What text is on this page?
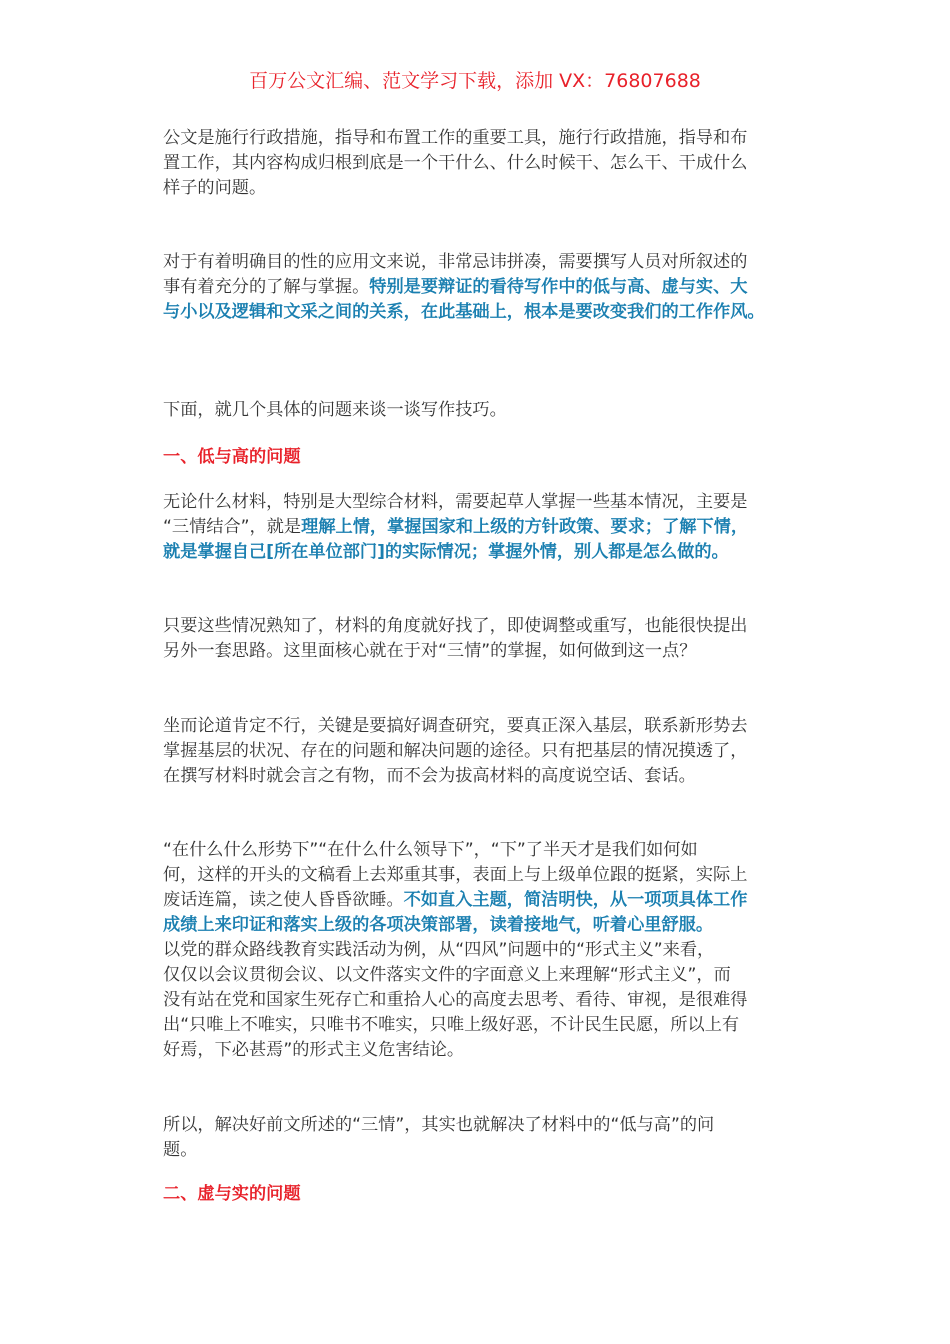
百万公文汇编、范文学习下载，添加 VX：76807688
公文是施行行政措施，指导和布置工作的重要工具，施行行政措施，指导和布
置工作，其内容构成归根到底是一个干什么、什么时候干、怎么干、干成什么
样子的问题。
对于有着明确目的性的应用文来说，非常忌讳拼凑，需要撰写人员对所叙述的
事有着充分的了解与掌握。特别是要辩证的看待写作中的低与高、虚与实、大
与小以及逻辑和文采之间的关系，在此基础上，根本是要改变我们的工作作风。
下面，就几个具体的问题来谈一谈写作技巧。
一、低与高的问题
无论什么材料，特别是大型综合材料，需要起草人掌握一些基本情况，主要是
“三情结合”，就是理解上情，掌握国家和上级的方针政策、要求；了解下情，
就是掌握自己[所在单位部门]的实际情况；掌握外情，别人都是怎么做的。
只要这些情况熟知了，材料的角度就好找了，即使调整或重写，也能很快提出
另外一套思路。这里面核心就在于对“三情”的掌握，如何做到这一点？
坐而论道肯定不行，关键是要搞好调查研究，要真正深入基层，联系新形势去
掌握基层的状况、存在的问题和解决问题的途径。只有把基层的情况摸透了，
在撰写材料时就会言之有物，而不会为拔高材料的高度说空话、套话。
“在什么什么形势下”“在什么什么领导下”，“下”了半天才是我们如何如
何，这样的开头的文稿看上去郑重其事，表面上与上级单位跟的挺紧，实际上
废话连篇，读之使人昏昏欲睡。不如直入主题，简洁明快，从一项项具体工作
成绩上来印证和落实上级的各项决策部署，读着接地气，听着心里舒服。
以党的群众路线教育实践活动为例，从“四风”问题中的“形式主义”来看，
仅仅以会议贯彻会议、以文件落实文件的字面意义上来理解“形式主义”，而
没有站在党和国家生死存亡和重拾人心的高度去思考、看待、审视，是很难得
出“只唯上不唯实，只唯书不唯实，只唯上级好恶，不计民生民愿，所以上有
好焉，下必甚焉”的形式主义危害结论。
所以，解决好前文所述的“三情”，其实也就解决了材料中的“低与高”的问
题。
二、虚与实的问题
